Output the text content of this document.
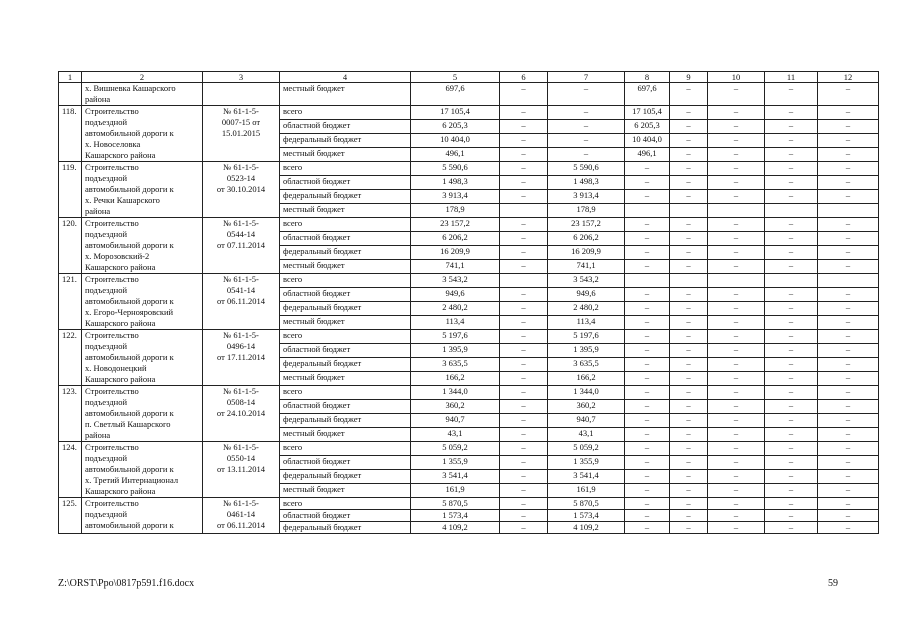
1	2	3	4	5	6	7	8	9	10	11	12

	х. Вишневка Кашарского
района		местный бюджет	697,6	–	–	697,6	–	–	–	–
118.	Строительство
подъездной
автомобильной дороги к
х. Новоселовка
Кашарского района	№ 61-1-5-
0007-15 от
15.01.2015	всего	17 105,4	–	–	17 105,4	–	–	–	–
			областной бюджет	6 205,3	–	–	6 205,3	–	–	–	–
			федеральный бюджет	10 404,0	–	–	10 404,0	–	–	–	–
			местный бюджет	496,1	–	–	496,1	–	–	–	–
119.	Строительство
подъездной
автомобильной дороги к
х. Речки Кашарского
района	№ 61-1-5-
0523-14
от 30.10.2014	всего	5 590,6	–	5 590,6	–	–	–	–	–
			областной бюджет	1 498,3	–	1 498,3	–	–	–	–	–
			федеральный бюджет	3 913,4	–	3 913,4	–	–	–	–	–
			местный бюджет	178,9		178,9					
120.	Строительство
подъездной
автомобильной дороги к
х. Морозовский-2
Кашарского района	№ 61-1-5-
0544-14
от 07.11.2014	всего	23 157,2	–	23 157,2	–	–	–	–	–
			областной бюджет	6 206,2	–	6 206,2	–	–	–	–	–
			федеральный бюджет	16 209,9	–	16 209,9	–	–	–	–	–
			местный бюджет	741,1	–	741,1	–	–	–	–	–
121.	Строительство
подъездной
автомобильной дороги к
х. Егоро-Чернояровский
Кашарского района	№ 61-1-5-
0541-14
от 06.11.2014	всего	3 543,2		3 543,2					
			областной бюджет	949,6	–	949,6	–	–	–	–	–
			федеральный бюджет	2 480,2	–	2 480,2	–	–	–	–	–
			местный бюджет	113,4	–	113,4	–	–	–	–	–
122.	Строительство
подъездной
автомобильной дороги к
х. Новодонецкий
Кашарского района	№ 61-1-5-
0496-14
от 17.11.2014	всего	5 197,6	–	5 197,6	–	–	–	–	–
			областной бюджет	1 395,9	–	1 395,9	–	–	–	–	–
			федеральный бюджет	3 635,5	–	3 635,5	–	–	–	–	–
			местный бюджет	166,2	–	166,2	–	–	–	–	–
123.	Строительство
подъездной
автомобильной дороги к
п. Светлый Кашарского
района	№ 61-1-5-
0508-14
от 24.10.2014	всего	1 344,0	–	1 344,0	–	–	–	–	–
			областной бюджет	360,2	–	360,2	–	–	–	–	–
			федеральный бюджет	940,7	–	940,7	–	–	–	–	–
			местный бюджет	43,1	–	43,1	–	–	–	–	–
124.	Строительство
подъездной
автомобильной дороги к
х. Третий Интернационал
Кашарского района	№ 61-1-5-
0550-14
от 13.11.2014	всего	5 059,2	–	5 059,2	–	–	–	–	–
			областной бюджет	1 355,9	–	1 355,9	–	–	–	–	–
			федеральный бюджет	3 541,4	–	3 541,4	–	–	–	–	–
			местный бюджет	161,9	–	161,9	–	–	–	–	–
125.	Строительство
подъездной
автомобильной дороги к	№ 61-1-5-
0461-14
от 06.11.2014	всего	5 870,5	–	5 870,5	–	–	–	–	–
			областной бюджет	1 573,4	–	1 573,4	–	–	–	–	–
			федеральный бюджет	4 109,2	–	4 109,2	–	–	–	–	–
Z:\ORST\Ppo\0817p591.f16.docx	59
